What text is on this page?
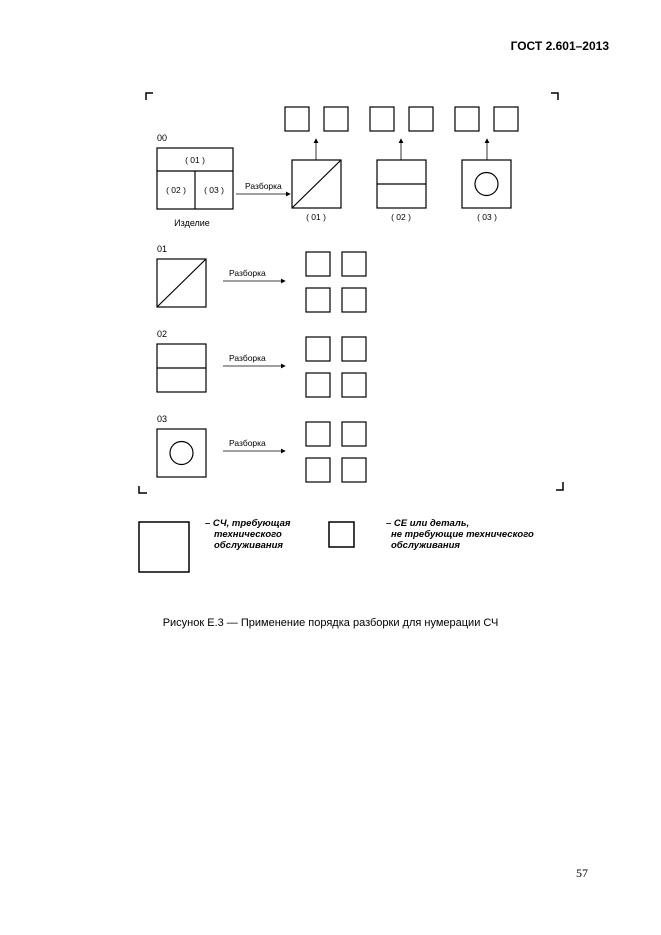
ГОСТ 2.601–2013
00
( 01 )
( 02 ) ( 03 )
Изделие
Разборка
( 01 )	( 02 )	( 03 )
01
Разборка
02
Разборка
03
Разборка
– СЧ, требующая
технического
обслуживания
– СЕ или деталь,
не требующие технического
обслуживания
Рисунок Е.3 — Применение порядка разборки для нумерации СЧ
57
